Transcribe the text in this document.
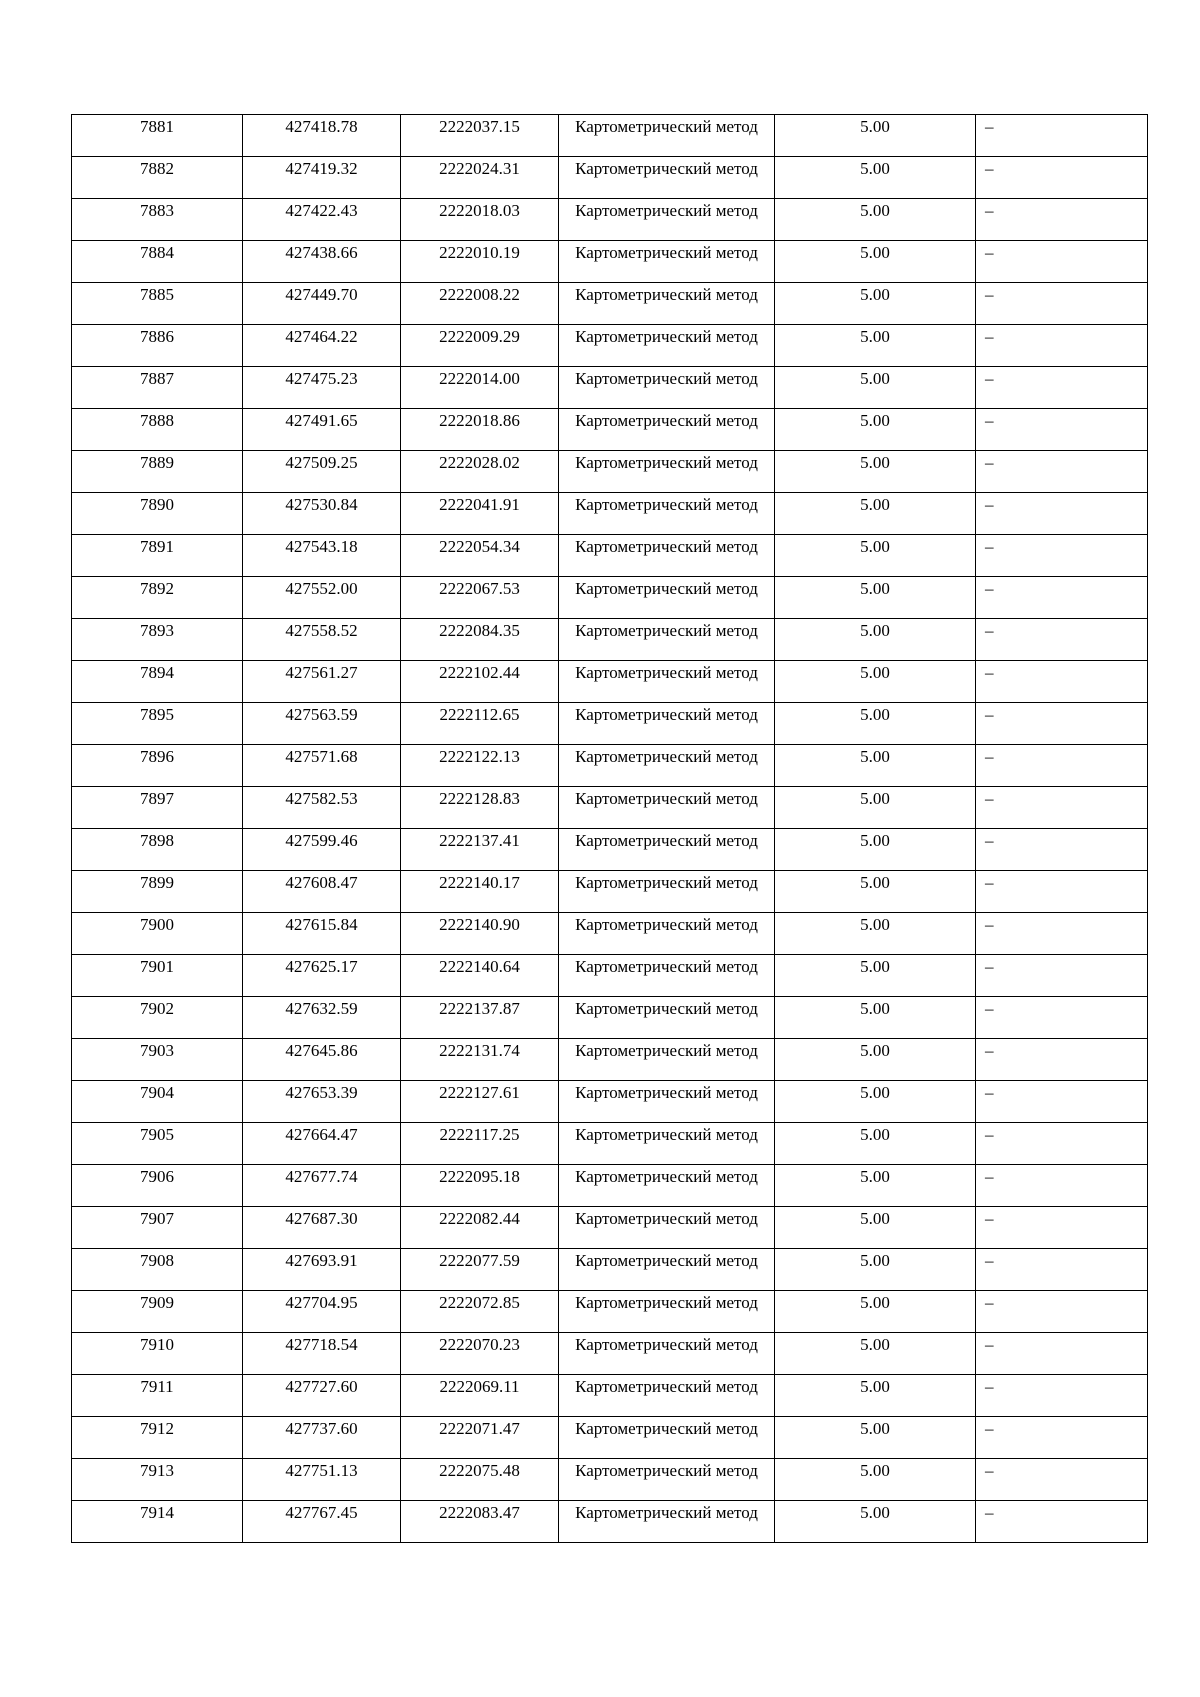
7881	427418.78	2222037.15	Картометрический метод	5.00	–

7882	427419.32	2222024.31	Картометрический метод	5.00	–

7883	427422.43	2222018.03	Картометрический метод	5.00	–

7884	427438.66	2222010.19	Картометрический метод	5.00	–

7885	427449.70	2222008.22	Картометрический метод	5.00	–

7886	427464.22	2222009.29	Картометрический метод	5.00	–

7887	427475.23	2222014.00	Картометрический метод	5.00	–

7888	427491.65	2222018.86	Картометрический метод	5.00	–

7889	427509.25	2222028.02	Картометрический метод	5.00	–

7890	427530.84	2222041.91	Картометрический метод	5.00	–

7891	427543.18	2222054.34	Картометрический метод	5.00	–

7892	427552.00	2222067.53	Картометрический метод	5.00	–

7893	427558.52	2222084.35	Картометрический метод	5.00	–

7894	427561.27	2222102.44	Картометрический метод	5.00	–

7895	427563.59	2222112.65	Картометрический метод	5.00	–

7896	427571.68	2222122.13	Картометрический метод	5.00	–

7897	427582.53	2222128.83	Картометрический метод	5.00	–

7898	427599.46	2222137.41	Картометрический метод	5.00	–

7899	427608.47	2222140.17	Картометрический метод	5.00	–

7900	427615.84	2222140.90	Картометрический метод	5.00	–

7901	427625.17	2222140.64	Картометрический метод	5.00	–

7902	427632.59	2222137.87	Картометрический метод	5.00	–

7903	427645.86	2222131.74	Картометрический метод	5.00	–

7904	427653.39	2222127.61	Картометрический метод	5.00	–

7905	427664.47	2222117.25	Картометрический метод	5.00	–

7906	427677.74	2222095.18	Картометрический метод	5.00	–

7907	427687.30	2222082.44	Картометрический метод	5.00	–

7908	427693.91	2222077.59	Картометрический метод	5.00	–

7909	427704.95	2222072.85	Картометрический метод	5.00	–

7910	427718.54	2222070.23	Картометрический метод	5.00	–

7911	427727.60	2222069.11	Картометрический метод	5.00	–

7912	427737.60	2222071.47	Картометрический метод	5.00	–

7913	427751.13	2222075.48	Картометрический метод	5.00	–

7914	427767.45	2222083.47	Картометрический метод	5.00	–
